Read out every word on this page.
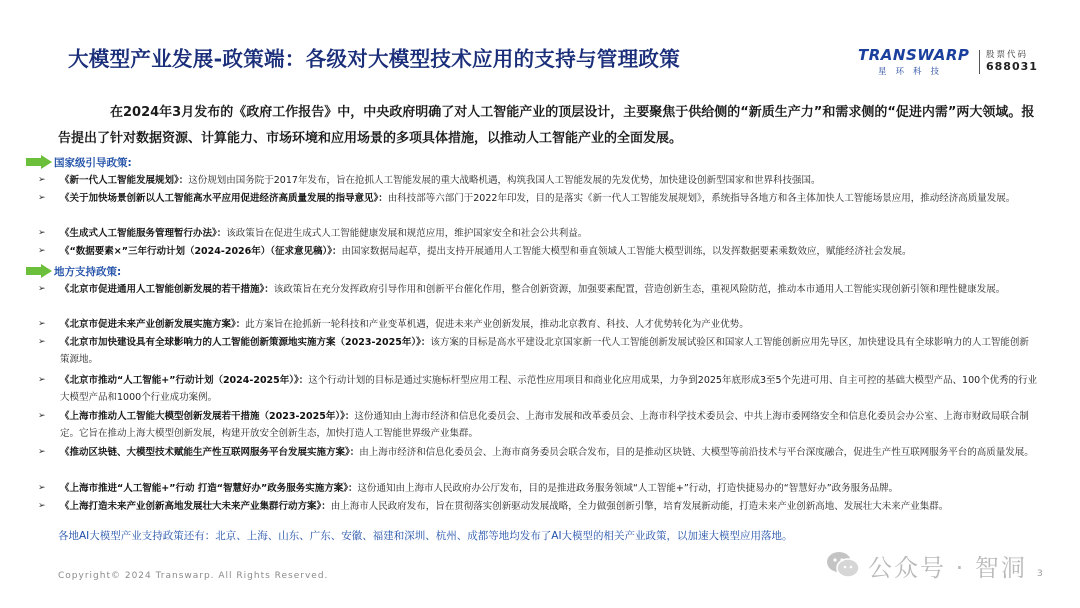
大模型产业发展-政策端：各级对大模型技术应用的支持与管理政策	TRANSWARP
星环科技
股票代码
688031
在2024年3月发布的《政府工作报告》中，中央政府明确了对人工智能产业的顶层设计，主要聚焦于供给侧的“新质生产力”和需求侧的“促进内需”两大领域。报告提出了针对数据资源、计算能力、市场环境和应用场景的多项具体措施，以推动人工智能产业的全面发展。
国家级引导政策:
➢ 《新一代人工智能发展规划》：这份规划由国务院于2017年发布，旨在抢抓人工智能发展的重大战略机遇，构筑我国人工智能发展的先发优势，加快建设创新型国家和世界科技强国。
➢ 《关于加快场景创新以人工智能高水平应用促进经济高质量发展的指导意见》：由科技部等六部门于2022年印发，目的是落实《新一代人工智能发展规划》，系统指导各地方和各主体加快人工智能场景应用，推动经济高质量发展。
➢ 《生成式人工智能服务管理暂行办法》：该政策旨在促进生成式人工智能健康发展和规范应用，维护国家安全和社会公共利益。
➢ 《“数据要素×”三年行动计划（2024-2026年）（征求意见稿）》：由国家数据局起草，提出支持开展通用人工智能大模型和垂直领域人工智能大模型训练，以发挥数据要素乘数效应，赋能经济社会发展。
地方支持政策:
➢ 《北京市促进通用人工智能创新发展的若干措施》：该政策旨在充分发挥政府引导作用和创新平台催化作用，整合创新资源，加强要素配置，营造创新生态，重视风险防范，推动本市通用人工智能实现创新引领和理性健康发展。
➢ 《北京市促进未来产业创新发展实施方案》：此方案旨在抢抓新一轮科技和产业变革机遇，促进未来产业创新发展，推动北京教育、科技、人才优势转化为产业优势。
➢ 《北京市加快建设具有全球影响力的人工智能创新策源地实施方案（2023-2025年）》：该方案的目标是高水平建设北京国家新一代人工智能创新发展试验区和国家人工智能创新应用先导区，加快建设具有全球影响力的人工智能创新策源地。
➢ 《北京市推动“人工智能+”行动计划（2024-2025年）》：这个行动计划的目标是通过实施标杆型应用工程、示范性应用项目和商业化应用成果，力争到2025年底形成3至5个先进可用、自主可控的基础大模型产品、100个优秀的行业大模型产品和1000个行业成功案例。
➢ 《上海市推动人工智能大模型创新发展若干措施（2023-2025年）》：这份通知由上海市经济和信息化委员会、上海市发展和改革委员会、上海市科学技术委员会、中共上海市委网络安全和信息化委员会办公室、上海市财政局联合制定。它旨在推动上海大模型创新发展，构建开放安全创新生态，加快打造人工智能世界级产业集群。
➢ 《推动区块链、大模型技术赋能生产性互联网服务平台发展实施方案》：由上海市经济和信息化委员会、上海市商务委员会联合发布，目的是推动区块链、大模型等前沿技术与平台深度融合，促进生产性互联网服务平台的高质量发展。
➢ 《上海市推进“人工智能+”行动 打造“智慧好办”政务服务实施方案》：这份通知由上海市人民政府办公厅发布，目的是推进政务服务领域“人工智能+”行动，打造快捷易办的“智慧好办”政务服务品牌。
➢ 《上海打造未来产业创新高地发展壮大未来产业集群行动方案》：由上海市人民政府发布，旨在贯彻落实创新驱动发展战略，全力做强创新引擎，培育发展新动能，打造未来产业创新高地、发展壮大未来产业集群。
各地AI大模型产业支持政策还有：北京、上海、山东、广东、安徽、福建和深圳、杭州、成都等地均发布了AI大模型的相关产业政策，以加速大模型应用落地。
Copyright© 2024 Transwarp. All Rights Reserved.	公众号 · 智洞 3
